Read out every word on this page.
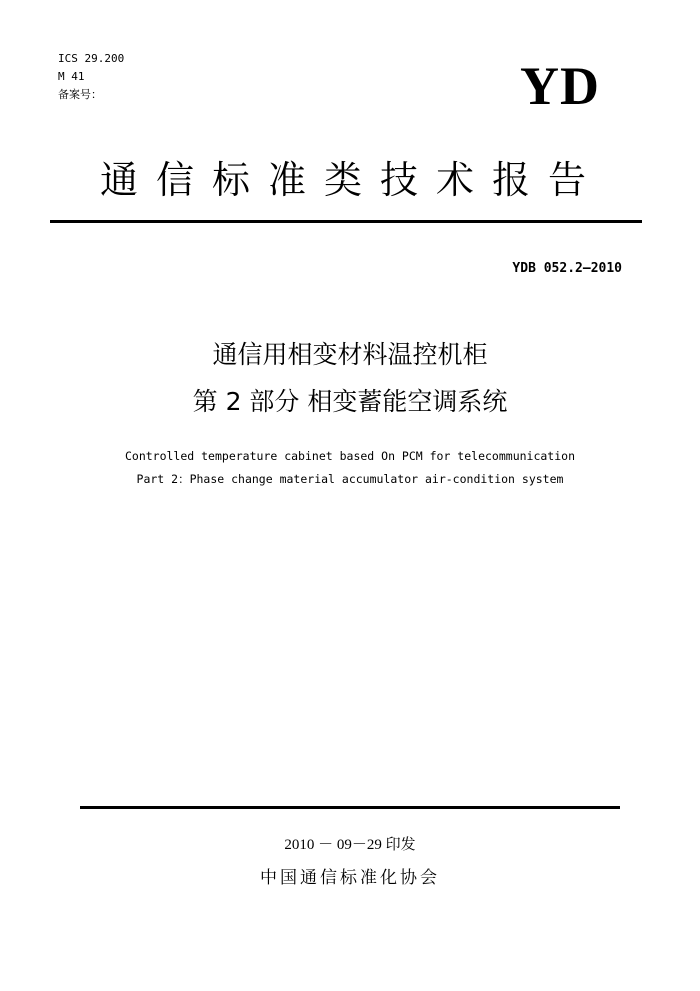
ICS 29.200
M 41
备案号：	YD
通信标准类技术报告
YDB 052.2—2010
通信用相变材料温控机柜
第 2 部分 相变蓄能空调系统
Controlled temperature cabinet based On PCM for telecommunication
Part 2：Phase change material accumulator air-condition system
2010 － 09－29 印发
中国通信标准化协会
